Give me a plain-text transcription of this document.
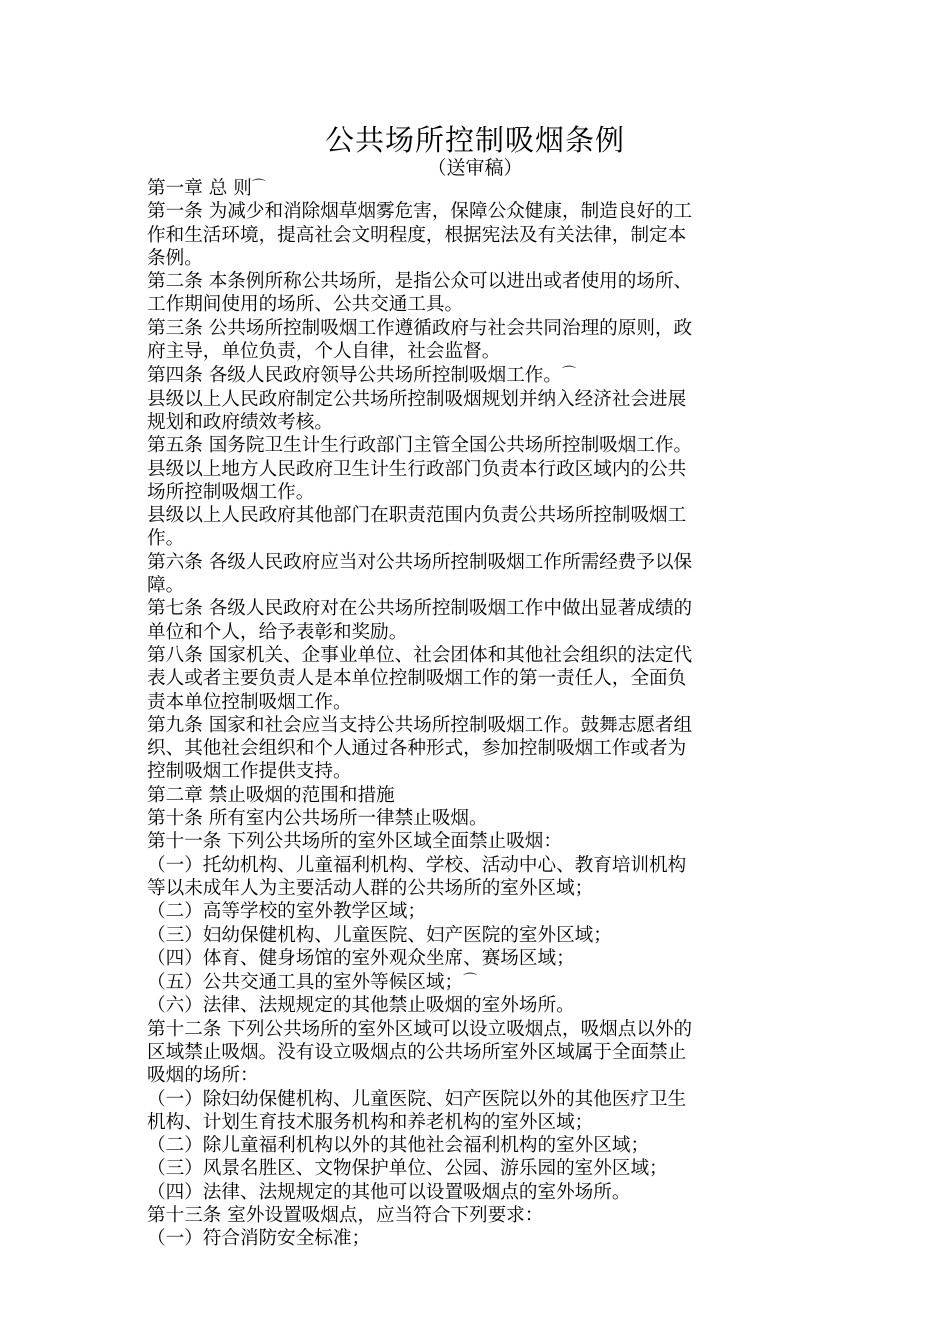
公共场所控制吸烟条例
（送审稿）

第一章 总 则⌒

第一条 为减少和消除烟草烟雾危害，保障公众健康，制造良好的工

作和生活环境，提高社会文明程度，根据宪法及有关法律，制定本

条例。

第二条 本条例所称公共场所，是指公众可以进出或者使用的场所、

工作期间使用的场所、公共交通工具。

第三条 公共场所控制吸烟工作遵循政府与社会共同治理的原则，政

府主导，单位负责，个人自律，社会监督。

第四条 各级人民政府领导公共场所控制吸烟工作。⌒

县级以上人民政府制定公共场所控制吸烟规划并纳入经济社会进展

规划和政府绩效考核。

第五条 国务院卫生计生行政部门主管全国公共场所控制吸烟工作。

县级以上地方人民政府卫生计生行政部门负责本行政区域内的公共

场所控制吸烟工作。

县级以上人民政府其他部门在职责范围内负责公共场所控制吸烟工

作。

第六条 各级人民政府应当对公共场所控制吸烟工作所需经费予以保

障。

第七条 各级人民政府对在公共场所控制吸烟工作中做出显著成绩的

单位和个人，给予表彰和奖励。

第八条 国家机关、企事业单位、社会团体和其他社会组织的法定代

表人或者主要负责人是本单位控制吸烟工作的第一责任人，全面负

责本单位控制吸烟工作。

第九条 国家和社会应当支持公共场所控制吸烟工作。鼓舞志愿者组

织、其他社会组织和个人通过各种形式，参加控制吸烟工作或者为

控制吸烟工作提供支持。

第二章 禁止吸烟的范围和措施

第十条 所有室内公共场所一律禁止吸烟。

第十一条 下列公共场所的室外区域全面禁止吸烟：

（一）托幼机构、儿童福利机构、学校、活动中心、教育培训机构

等以未成年人为主要活动人群的公共场所的室外区域；

（二）高等学校的室外教学区域；

（三）妇幼保健机构、儿童医院、妇产医院的室外区域；

（四）体育、健身场馆的室外观众坐席、赛场区域；

（五）公共交通工具的室外等候区域；⌒

（六）法律、法规规定的其他禁止吸烟的室外场所。

第十二条 下列公共场所的室外区域可以设立吸烟点，吸烟点以外的

区域禁止吸烟。没有设立吸烟点的公共场所室外区域属于全面禁止

吸烟的场所：

（一）除妇幼保健机构、儿童医院、妇产医院以外的其他医疗卫生

机构、计划生育技术服务机构和养老机构的室外区域；

（二）除儿童福利机构以外的其他社会福利机构的室外区域；

（三）风景名胜区、文物保护单位、公园、游乐园的室外区域；

（四）法律、法规规定的其他可以设置吸烟点的室外场所。

第十三条 室外设置吸烟点，应当符合下列要求：

（一）符合消防安全标准；
